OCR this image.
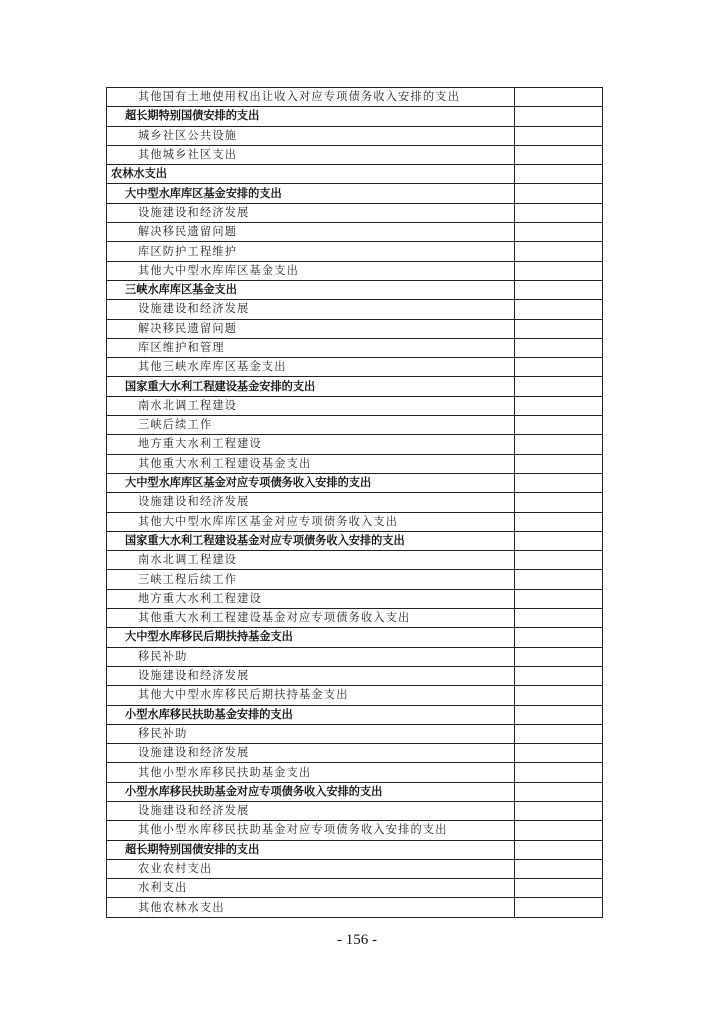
其他国有土地使用权出让收入对应专项债务收入安排的支出	
超长期特别国债安排的支出	
城乡社区公共设施	
其他城乡社区支出	
农林水支出	
大中型水库库区基金安排的支出	
设施建设和经济发展	
解决移民遗留问题	
库区防护工程维护	
其他大中型水库库区基金支出	
三峡水库库区基金支出	
设施建设和经济发展	
解决移民遗留问题	
库区维护和管理	
其他三峡水库库区基金支出	
国家重大水利工程建设基金安排的支出	
南水北调工程建设	
三峡后续工作	
地方重大水利工程建设	
其他重大水利工程建设基金支出	
大中型水库库区基金对应专项债务收入安排的支出	
设施建设和经济发展	
其他大中型水库库区基金对应专项债务收入支出	
国家重大水利工程建设基金对应专项债务收入安排的支出	
南水北调工程建设	
三峡工程后续工作	
地方重大水利工程建设	
其他重大水利工程建设基金对应专项债务收入支出	
大中型水库移民后期扶持基金支出	
移民补助	
设施建设和经济发展	
其他大中型水库移民后期扶持基金支出	
小型水库移民扶助基金安排的支出	
移民补助	
设施建设和经济发展	
其他小型水库移民扶助基金支出	
小型水库移民扶助基金对应专项债务收入安排的支出	
设施建设和经济发展	
其他小型水库移民扶助基金对应专项债务收入安排的支出	
超长期特别国债安排的支出	
农业农村支出	
水利支出	
其他农林水支出	
- 156 -
